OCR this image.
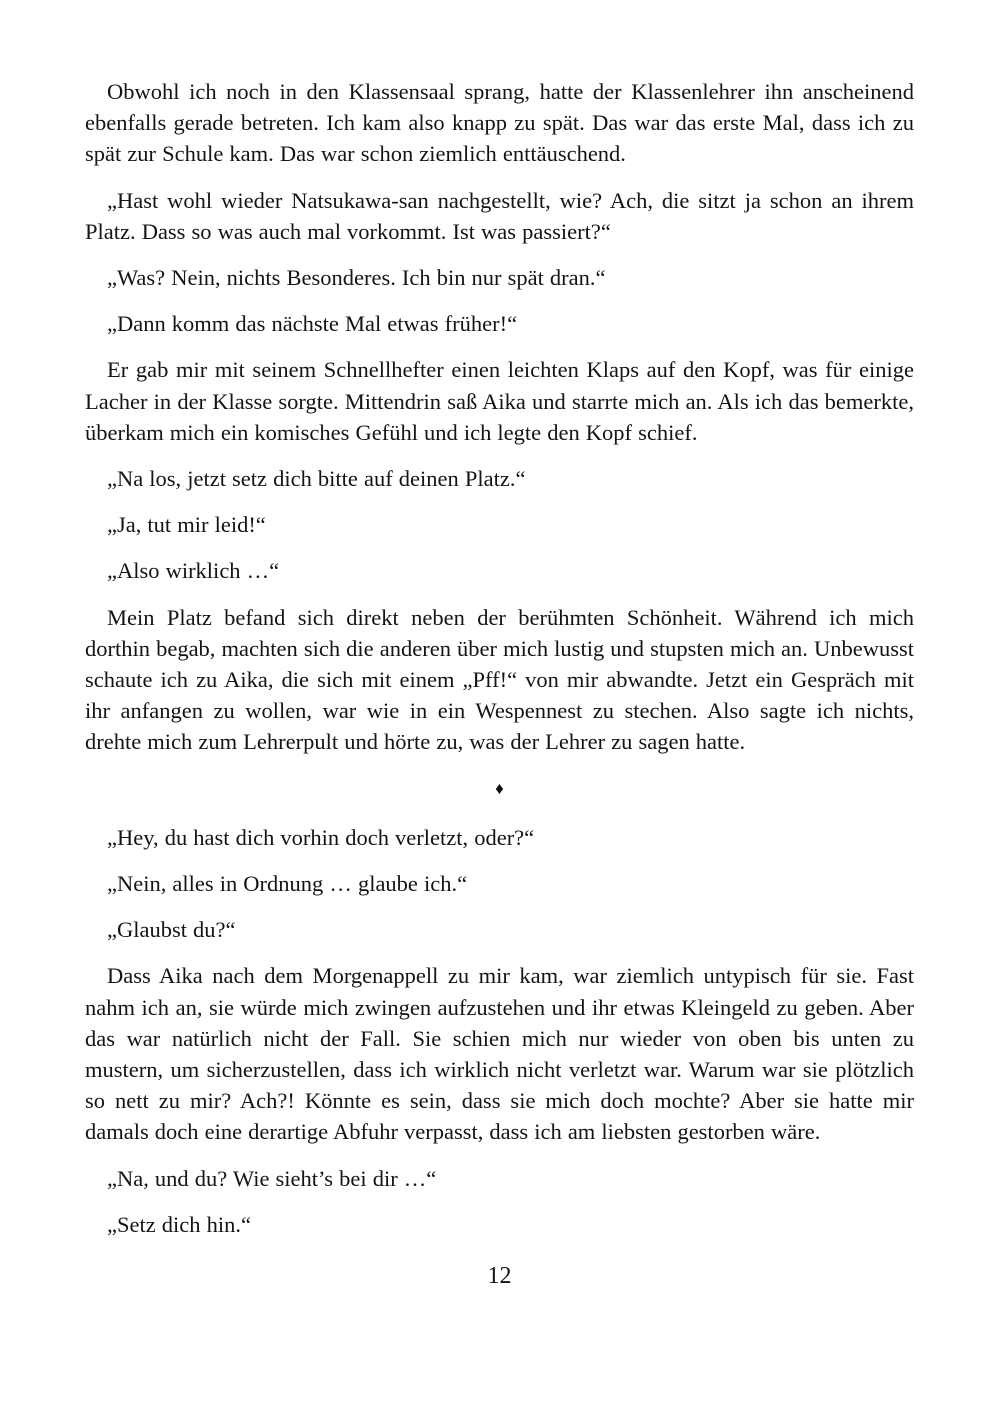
Obwohl ich noch in den Klassensaal sprang, hatte der Klassenlehrer ihn anscheinend ebenfalls gerade betreten. Ich kam also knapp zu spät. Das war das erste Mal, dass ich zu spät zur Schule kam. Das war schon ziemlich enttäuschend.

„Hast wohl wieder Natsukawa-san nachgestellt, wie? Ach, die sitzt ja schon an ihrem Platz. Dass so was auch mal vorkommt. Ist was passiert?“

„Was? Nein, nichts Besonderes. Ich bin nur spät dran.“

„Dann komm das nächste Mal etwas früher!“

Er gab mir mit seinem Schnellhefter einen leichten Klaps auf den Kopf, was für einige Lacher in der Klasse sorgte. Mittendrin saß Aika und starrte mich an. Als ich das bemerkte, überkam mich ein komisches Gefühl und ich legte den Kopf schief.

„Na los, jetzt setz dich bitte auf deinen Platz.“

„Ja, tut mir leid!“

„Also wirklich …“

Mein Platz befand sich direkt neben der berühmten Schönheit. Während ich mich dorthin begab, machten sich die anderen über mich lustig und stupsten mich an. Unbewusst schaute ich zu Aika, die sich mit einem „Pff!“ von mir abwandte. Jetzt ein Gespräch mit ihr anfangen zu wollen, war wie in ein Wespennest zu stechen. Also sagte ich nichts, drehte mich zum Lehrerpult und hörte zu, was der Lehrer zu sagen hatte.

♦

„Hey, du hast dich vorhin doch verletzt, oder?“

„Nein, alles in Ordnung … glaube ich.“

„Glaubst du?“

Dass Aika nach dem Morgenappell zu mir kam, war ziemlich untypisch für sie. Fast nahm ich an, sie würde mich zwingen aufzustehen und ihr etwas Kleingeld zu geben. Aber das war natürlich nicht der Fall. Sie schien mich nur wieder von oben bis unten zu mustern, um sicherzustellen, dass ich wirklich nicht verletzt war. Warum war sie plötzlich so nett zu mir? Ach?! Könnte es sein, dass sie mich doch mochte? Aber sie hatte mir damals doch eine derartige Abfuhr verpasst, dass ich am liebsten gestorben wäre.

„Na, und du? Wie sieht’s bei dir …“

„Setz dich hin.“

12
